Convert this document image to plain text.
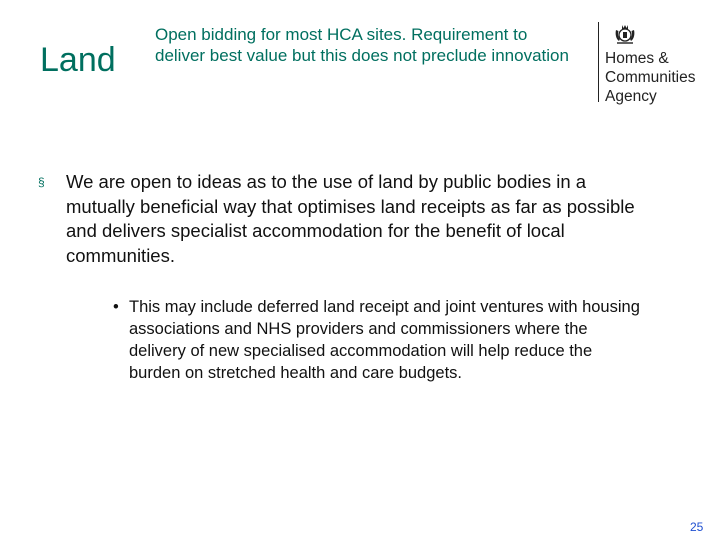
Land

Open bidding for most HCA sites. Requirement to deliver best value but this does not preclude innovation	Homes &
Communities
Agency

§ We are open to ideas as to the use of land by public bodies in a mutually beneficial way that optimises land receipts as far as possible and delivers specialist accommodation for the benefit of local communities.
• This may include deferred land receipt and joint ventures with housing associations and NHS providers and commissioners where the delivery of new specialised accommodation will help reduce the burden on stretched health and care budgets.
25
